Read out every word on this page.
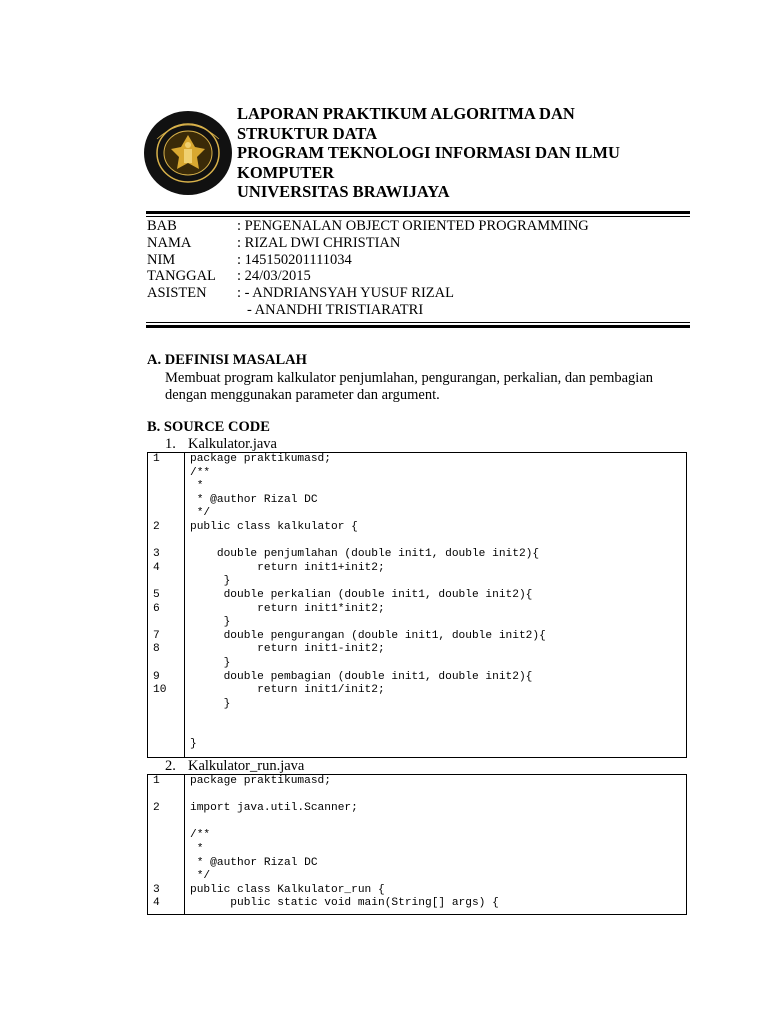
LAPORAN PRAKTIKUM ALGORITMA DAN
STRUKTUR DATA
PROGRAM TEKNOLOGI INFORMASI DAN ILMU
KOMPUTER
UNIVERSITAS BRAWIJAYA
BAB	: PENGENALAN OBJECT ORIENTED PROGRAMMING
NAMA	: RIZAL DWI CHRISTIAN
NIM	: 145150201111034
TANGGAL	: 24/03/2015
ASISTEN	: - ANDRIANSYAH YUSUF RIZAL
- ANANDHI TRISTIARATRI
A. DEFINISI MASALAH
Membuat program kalkulator penjumlahan, pengurangan, perkalian, dan pembagian dengan menggunakan parameter dan argument.
B. SOURCE CODE
1. Kalkulator.java
1	package praktikumasd;
/**
*
* @author Rizal DC
*/
2	public class kalkulator {
3	double penjumlahan (double init1, double init2){
4	return init1+init2;
}
5	double perkalian (double init1, double init2){
6	return init1*init2;
}
7	double pengurangan (double init1, double init2){
8	return init1-init2;
}
9	double pembagian (double init1, double init2){
10 return init1/init2;
}
}
2. Kalkulator_run.java
1	package praktikumasd;
2	import java.util.Scanner;
/**
*
* @author Rizal DC
*/
3	public class Kalkulator_run {
4	public static void main(String[] args) {
